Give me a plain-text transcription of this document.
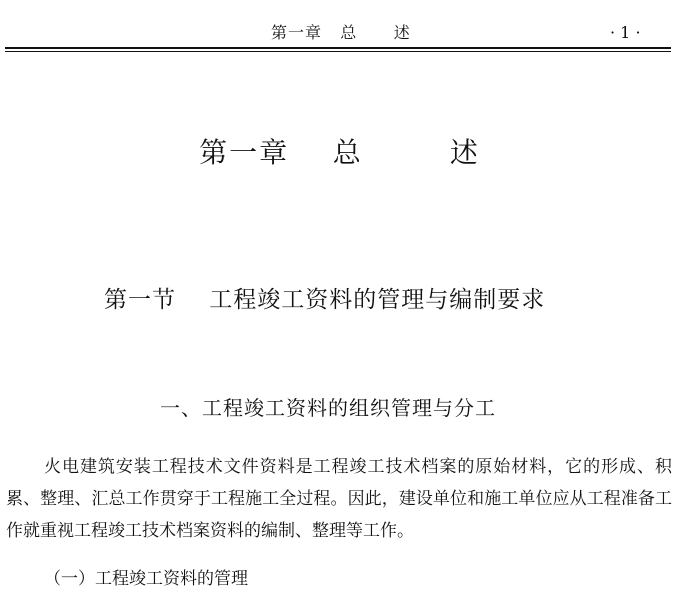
第一章   总      述	· 1 ·
第一章    总        述
第一节    工程竣工资料的管理与编制要求
一、工程竣工资料的组织管理与分工

火电建筑安装工程技术文件资料是工程竣工技术档案的原始材料，它的形成、积累、整理、汇总工作贯穿于工程施工全过程。因此，建设单位和施工单位应从工程准备工作就重视工程竣工技术档案资料的编制、整理等工作。

（一）工程竣工资料的管理
